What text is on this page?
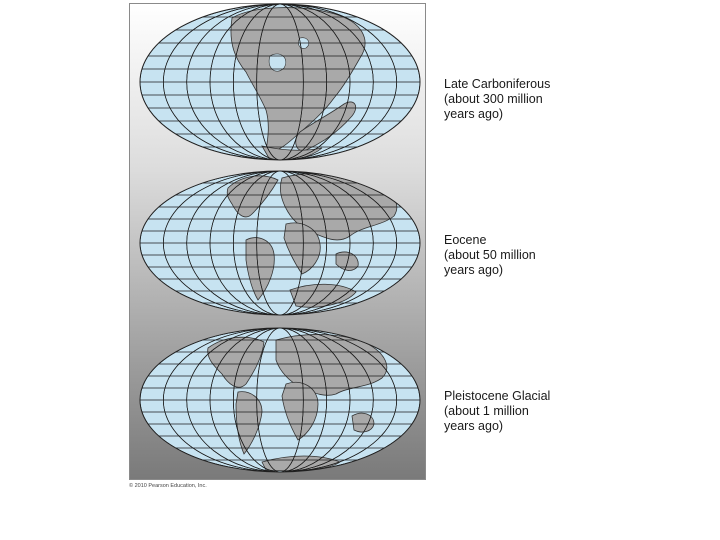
Late Carboniferous
(about 300 million
years ago)
Eocene
(about 50 million
years ago)
Pleistocene Glacial
(about 1 million
years ago)
© 2010 Pearson Education, Inc.
